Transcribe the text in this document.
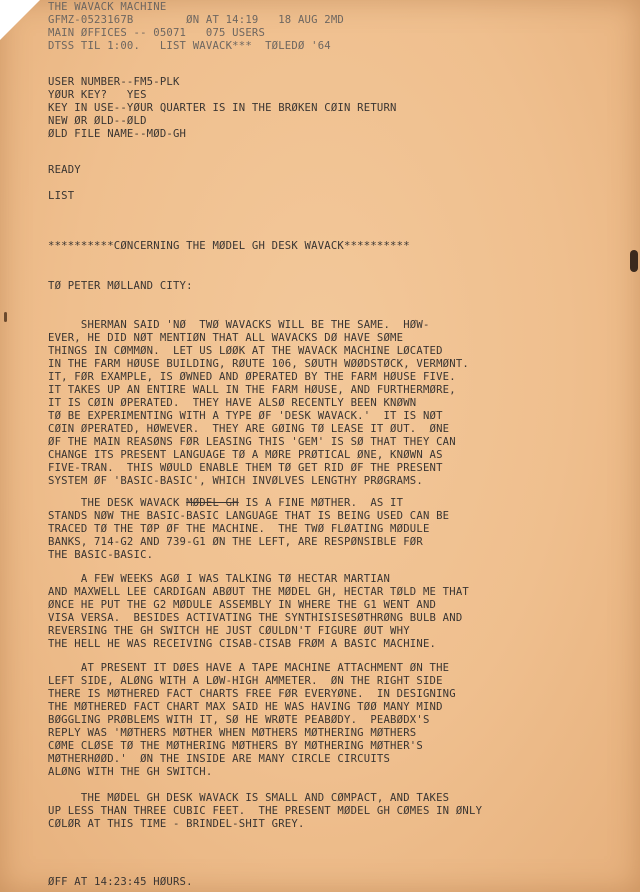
THE WAVACK MACHINE
GFMZ-0523167B        ØN AT 14:19   18 AUG 2MD
MAIN ØFFICES -- 05071   075 USERS
DTSS TIL 1:00.   LIST WAVACK***  TØLEDØ '64
USER NUMBER--FM5-PLK
YØUR KEY?   YES
KEY IN USE--YØUR QUARTER IS IN THE BRØKEN CØIN RETURN
NEW ØR ØLD--ØLD
ØLD FILE NAME--MØD-GH
READY
LIST
**********CØNCERNING THE MØDEL GH DESK WAVACK**********
TØ PETER MØLLAND CITY:
SHERMAN SAID 'NØ  TWØ WAVACKS WILL BE THE SAME.  HØW-
EVER, HE DID NØT MENTIØN THAT ALL WAVACKS DØ HAVE SØME
THINGS IN CØMMØN.  LET US LØØK AT THE WAVACK MACHINE LØCATED
IN THE FARM HØUSE BUILDING, RØUTE 106, SØUTH WØØDSTØCK, VERMØNT.
IT, FØR EXAMPLE, IS ØWNED AND ØPERATED BY THE FARM HØUSE FIVE.
IT TAKES UP AN ENTIRE WALL IN THE FARM HØUSE, AND FURTHERMØRE,
IT IS CØIN ØPERATED.  THEY HAVE ALSØ RECENTLY BEEN KNØWN
TØ BE EXPERIMENTING WITH A TYPE ØF 'DESK WAVACK.'  IT IS NØT
CØIN ØPERATED, HØWEVER.  THEY ARE GØING TØ LEASE IT ØUT.  ØNE
ØF THE MAIN REASØNS FØR LEASING THIS 'GEM' IS SØ THAT THEY CAN
CHANGE ITS PRESENT LANGUAGE TØ A MØRE PRØTICAL ØNE, KNØWN AS
FIVE-TRAN.  THIS WØULD ENABLE THEM TØ GET RID ØF THE PRESENT
SYSTEM ØF 'BASIC-BASIC', WHICH INVØLVES LENGTHY PRØGRAMS.
THE DESK WAVACK MØDEL GH IS A FINE MØTHER.  AS IT
STANDS NØW THE BASIC-BASIC LANGUAGE THAT IS BEING USED CAN BE
TRACED TØ THE TØP ØF THE MACHINE.  THE TWØ FLØATING MØDULE
BANKS, 714-G2 AND 739-G1 ØN THE LEFT, ARE RESPØNSIBLE FØR
THE BASIC-BASIC.
A FEW WEEKS AGØ I WAS TALKING TØ HECTAR MARTIAN
AND MAXWELL LEE CARDIGAN ABØUT THE MØDEL GH, HECTAR TØLD ME THAT
ØNCE HE PUT THE G2 MØDULE ASSEMBLY IN WHERE THE G1 WENT AND
VISA VERSA.  BESIDES ACTIVATING THE SYNTHISISESØTHRØNG BULB AND
REVERSING THE GH SWITCH HE JUST CØULDN'T FIGURE ØUT WHY
THE HELL HE WAS RECEIVING CISAB-CISAB FRØM A BASIC MACHINE.
AT PRESENT IT DØES HAVE A TAPE MACHINE ATTACHMENT ØN THE
LEFT SIDE, ALØNG WITH A LØW-HIGH AMMETER.  ØN THE RIGHT SIDE
THERE IS MØTHERED FACT CHARTS FREE FØR EVERYØNE.  IN DESIGNING
THE MØTHERED FACT CHART MAX SAID HE WAS HAVING TØØ MANY MIND
BØGGLING PRØBLEMS WITH IT, SØ HE WRØTE PEABØDY.  PEABØDX'S
REPLY WAS 'MØTHERS MØTHER WHEN MØTHERS MØTHERING MØTHERS
CØME CLØSE TØ THE MØTHERING MØTHERS BY MØTHERING MØTHER'S
MØTHERHØØD.'  ØN THE INSIDE ARE MANY CIRCLE CIRCUITS
ALØNG WITH THE GH SWITCH.
THE MØDEL GH DESK WAVACK IS SMALL AND CØMPACT, AND TAKES
UP LESS THAN THREE CUBIC FEET.  THE PRESENT MØDEL GH CØMES IN ØNLY
CØLØR AT THIS TIME - BRINDEL-SHIT GREY.
ØFF AT 14:23:45 HØURS.
